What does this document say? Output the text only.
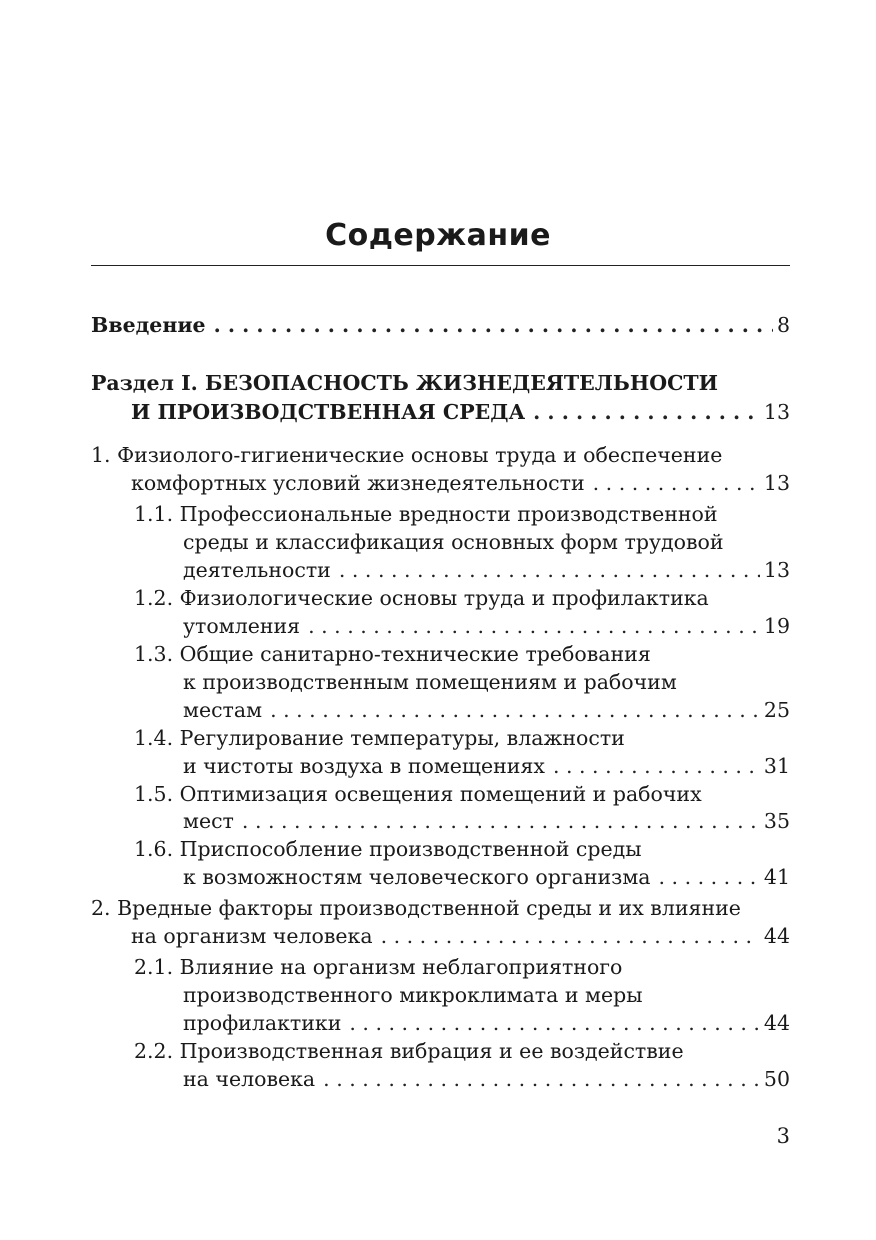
Содержание
Введение . . .	8
Раздел I. БЕЗОПАСНОСТЬ ЖИЗНЕДЕЯТЕЛЬНОСТИ
И ПРОИЗВОДСТВЕННАЯ СРЕДА . . .	13
1. Физиолого-гигиенические основы труда и обеспечение
комфортных условий жизнедеятельности . . .	13
1.1. Профессиональные вредности производственной
среды и классификация основных форм трудовой
деятельности . . .	13
1.2. Физиологические основы труда и профилактика
утомления . . .	19
1.3. Общие санитарно-технические требования
к производственным помещениям и рабочим
местам . . .	25
1.4. Регулирование температуры, влажности
и чистоты воздуха в помещениях . . .	31
1.5. Оптимизация освещения помещений и рабочих
мест . . .	35
1.6. Приспособление производственной среды
к возможностям человеческого организма . . .	41
2. Вредные факторы производственной среды и их влияние
на организм человека . . .	44
2.1. Влияние на организм неблагоприятного
производственного микроклимата и меры
профилактики . . .	44
2.2. Производственная вибрация и ее воздействие
на человека . . .	50
3
